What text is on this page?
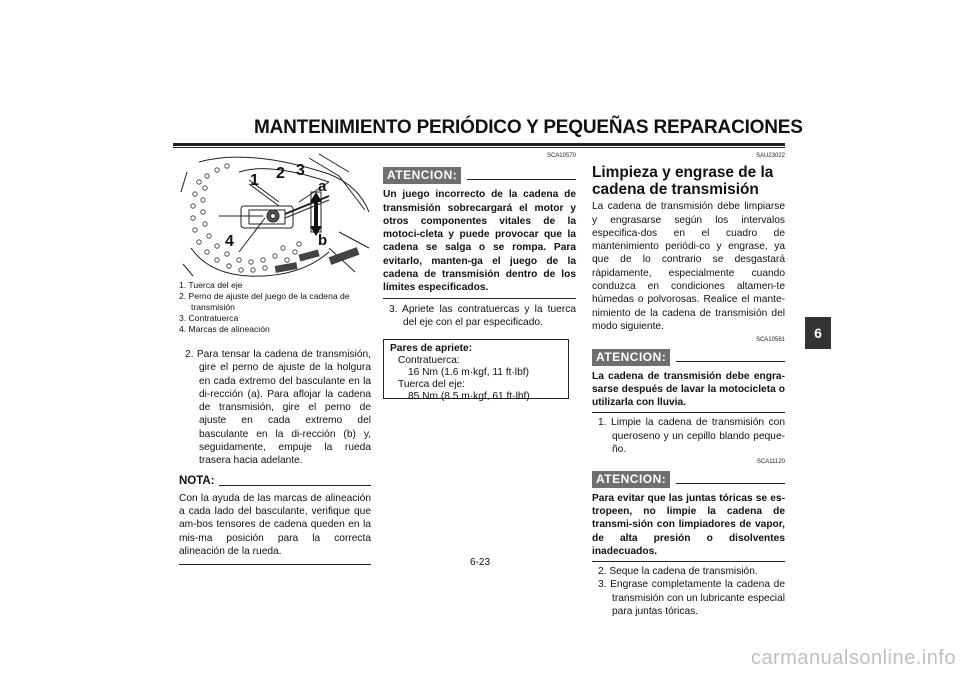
MANTENIMIENTO PERIÓDICO Y PEQUEÑAS REPARACIONES
6
1 2 3
4
a
b
1. Tuerca del eje
2. Perno de ajuste del juego de la cadena de transmisión
3. Contratuerca
4. Marcas de alineación
2. Para tensar la cadena de transmisión, gire el perno de ajuste de la holgura en cada extremo del basculante en la di-rección (a). Para aflojar la cadena de transmisión, gire el perno de ajuste en cada extremo del basculante en la di-rección (b) y, seguidamente, empuje la rueda trasera hacia adelante.
NOTA:
Con la ayuda de las marcas de alineación a cada lado del basculante, verifique que am-bos tensores de cadena queden en la mis-ma posición para la correcta alineación de la rueda.
SCA10570
ATENCION:
Un juego incorrecto de la cadena de transmisión sobrecargará el motor y otros componentes vitales de la motoci-cleta y puede provocar que la cadena se salga o se rompa. Para evitarlo, manten-ga el juego de la cadena de transmisión dentro de los límites especificados.
3. Apriete las contratuercas y la tuerca del eje con el par especificado.
Pares de apriete:
Contratuerca:
16 Nm (1.6 m·kgf, 11 ft·lbf)
Tuerca del eje:
85 Nm (8.5 m·kgf, 61 ft·lbf)
SAU23022
Limpieza y engrase de la cadena de transmisión
La cadena de transmisión debe limpiarse y engrasarse según los intervalos especifica-dos en el cuadro de mantenimiento periódi-co y engrase, ya que de lo contrario se desgastará rápidamente, especialmente cuando conduzca en condiciones altamen-te húmedas o polvorosas. Realice el mante-nimiento de la cadena de transmisión del modo siguiente.
SCA10581
ATENCION:
La cadena de transmisión debe engra-sarse después de lavar la motocicleta o utilizarla con lluvia.
1. Limpie la cadena de transmisión con queroseno y un cepillo blando peque-ño.
SCA11120
ATENCION:
Para evitar que las juntas tóricas se es-tropeen, no limpie la cadena de transmi-sión con limpiadores de vapor, de alta presión o disolventes inadecuados.
2. Seque la cadena de transmisión.
3. Engrase completamente la cadena de transmisión con un lubricante especial para juntas tóricas.
6-23
carmanualsonline.info
